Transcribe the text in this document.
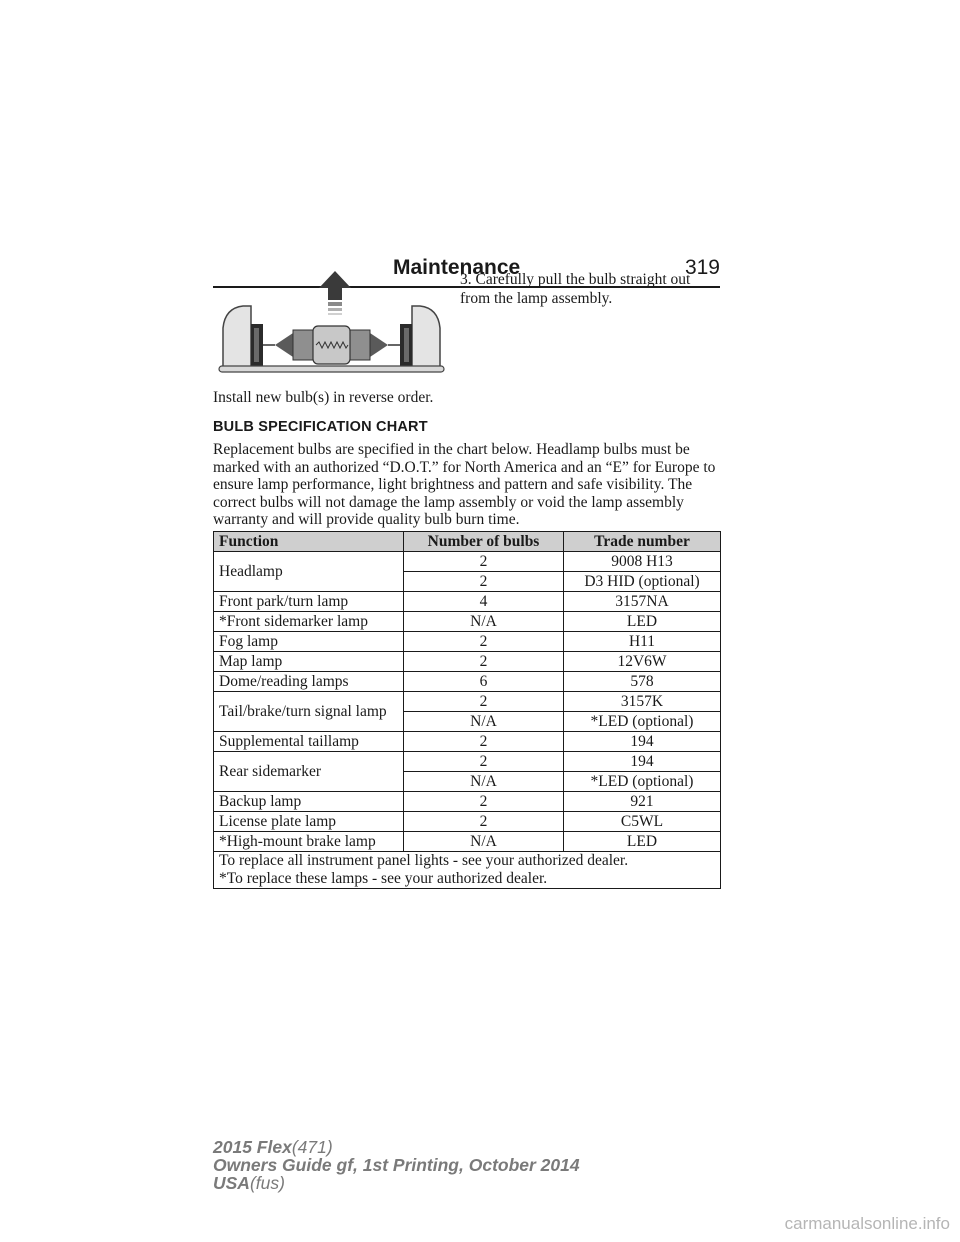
Maintenance	319
3. Carefully pull the bulb straight out from the lamp assembly.
Install new bulb(s) in reverse order.
BULB SPECIFICATION CHART
Replacement bulbs are specified in the chart below. Headlamp bulbs must be marked with an authorized “D.O.T.” for North America and an “E” for Europe to ensure lamp performance, light brightness and pattern and safe visibility. The correct bulbs will not damage the lamp assembly or void the lamp assembly warranty and will provide quality bulb burn time.
Function	Number of bulbs	Trade number
Headlamp	2	9008 H13
	2	D3 HID (optional)
Front park/turn lamp	4	3157NA
*Front sidemarker lamp	N/A	LED
Fog lamp	2	H11
Map lamp	2	12V6W
Dome/reading lamps	6	578
Tail/brake/turn signal lamp	2	3157K
	N/A	*LED (optional)
Supplemental taillamp	2	194
Rear sidemarker	2	194
	N/A	*LED (optional)
Backup lamp	2	921
License plate lamp	2	C5WL
*High-mount brake lamp	N/A	LED

To replace all instrument panel lights - see your authorized dealer.
*To replace these lamps - see your authorized dealer.		
2015 Flex(471)
Owners Guide gf, 1st Printing, October 2014
USA(fus)
carmanualsonline.info
